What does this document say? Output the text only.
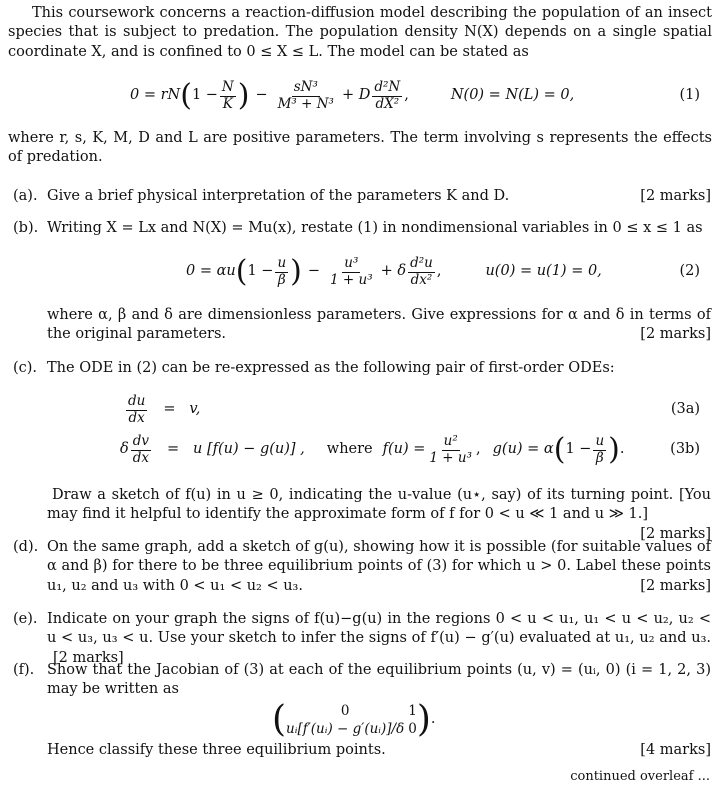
This coursework concerns a reaction-diffusion model describing the population of an insect species that is subject to predation. The population density N(X) depends on a single spatial coordinate X, and is confined to 0 ≤ X ≤ L. The model can be stated as
0 = rN ( $1 - \frac{N}{K}$ ) − $\frac{\text{sN³}}{\text{M³ + N³}} + D \frac{\text{d²N}}{\text{dX²}}$ ,	N(0) = N(L) = 0,	(1)
where r, s, K, M, D and L are positive parameters. The term involving s represents the effects of predation.
(a).	[2 marks]
Give a brief physical interpretation of the parameters K and D.
(b). Writing X = Lx and N(X) = Mu(x), restate (1) in nondimensional variables in 0 ≤ x ≤ 1 as
0 = αu ( $1 - \frac{u}{\beta}$ ) − $\frac{\text{u³}}{\text{1 + u³}} + \delta \frac{\text{d²u}}{\text{dx²}}$ ,	u(0) = u(1) = 0,	(2)
where α, β and δ are dimensionless parameters. Give expressions for α and δ in terms of the original parameters.	[2 marks]
(c). The ODE in (2) can be re-expressed as the following pair of first-order ODEs:
$\frac{du}{dx} = v$,	(3a)
δ $\frac{dv}{dx} = u$ [f(u) − g(u)] , where $f(u) = \frac{\text{u²}}{\text{1 + u³}}$ , g(u) = α ( $1 - \frac{u}{\beta}$ ) .	(3b)
Draw a sketch of f(u) in u ≥ 0, indicating the u-value (u⋆, say) of its turning point. [You may find it helpful to identify the approximate form of f for 0 < u ≪ 1 and u ≫ 1.]
[2 marks]
(d). On the same graph, add a sketch of g(u), showing how it is possible (for suitable values of α and β) for there to be three equilibrium points of (3) for which u > 0. Label these points u₁, u₂ and u₃ with 0 < u₁ < u₂ < u₃.	[2 marks]
(e). Indicate on your graph the signs of f(u)−g(u) in the regions 0 < u < u₁, u₁ < u < u₂, u₂ < u < u₃, u₃ < u. Use your sketch to infer the signs of f′(u) − g′(u) evaluated at u₁, u₂ and u₃. [2 marks]
(f). Show that the Jacobian of (3) at each of the equilibrium points (u, v) = (uᵢ, 0) (i = 1, 2, 3) may be written as
(	0	1
uᵢ[f′(uᵢ) − g′(uᵢ)]/δ 0 ) .
[4 marks]
Hence classify these three equilibrium points.
continued overleaf ...
